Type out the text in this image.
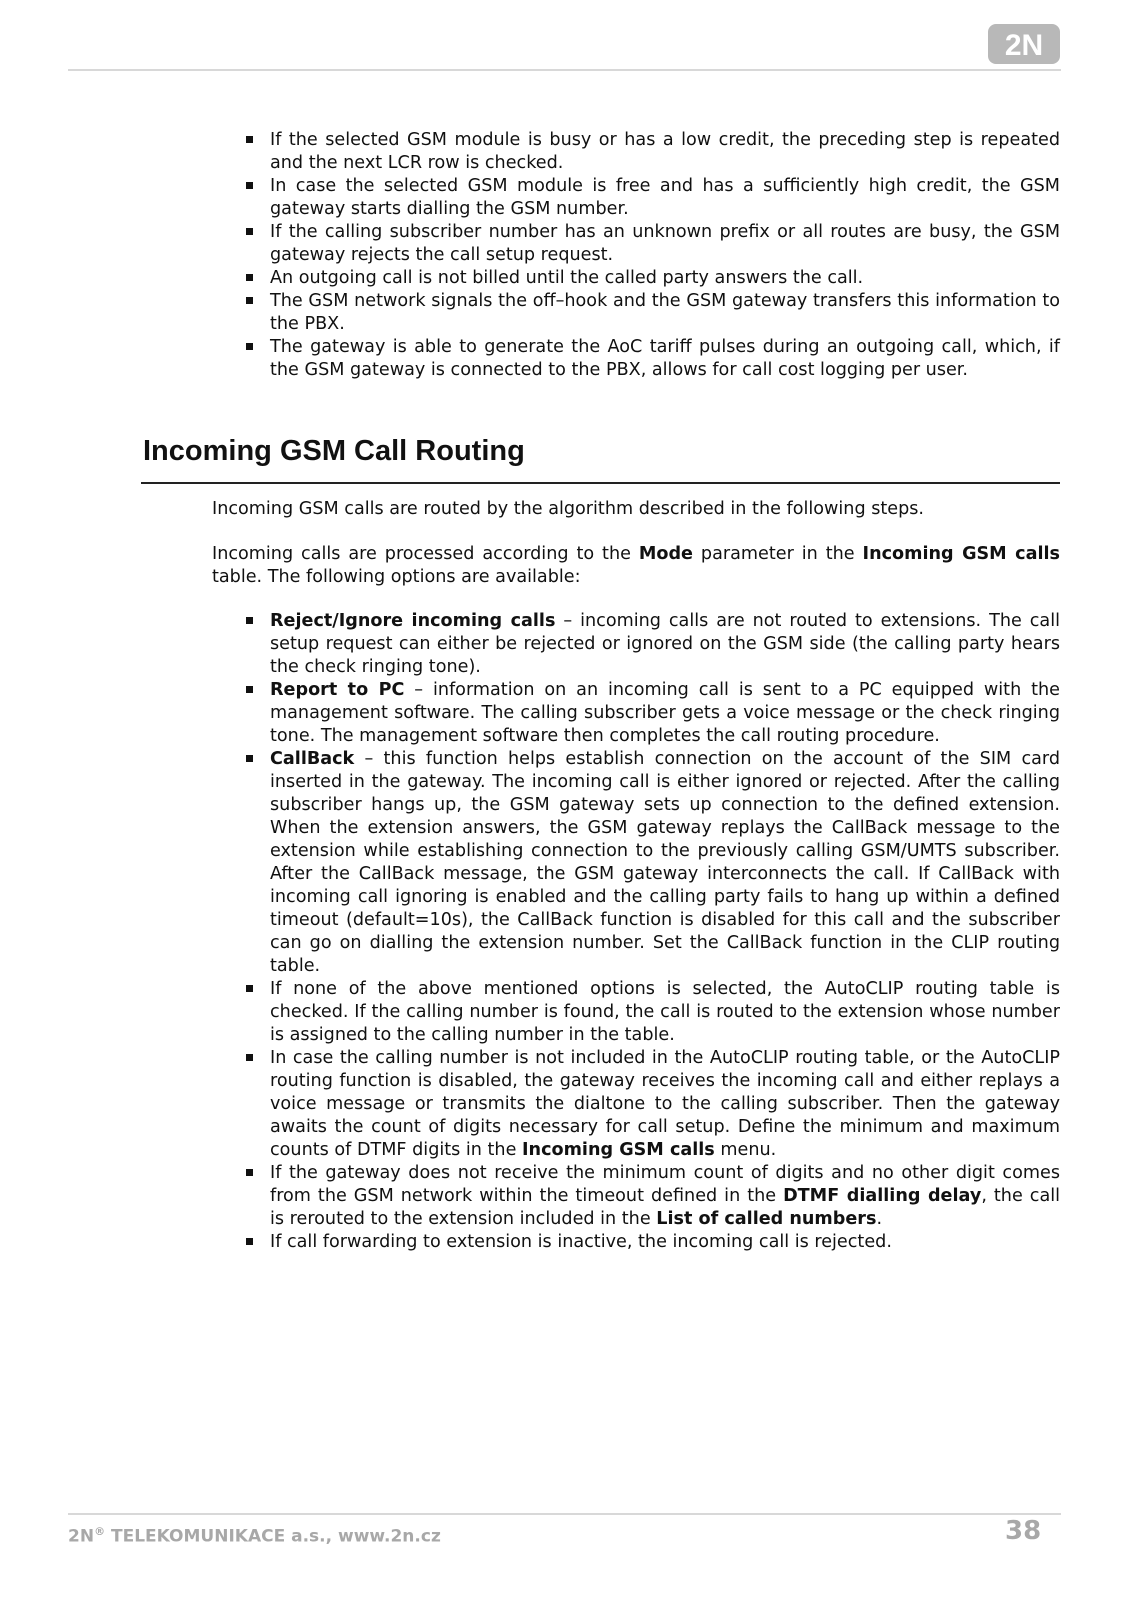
2N
If the selected GSM module is busy or has a low credit, the preceding step is repeated and the next LCR row is checked.
In case the selected GSM module is free and has a sufficiently high credit, the GSM gateway starts dialling the GSM number.
If the calling subscriber number has an unknown prefix or all routes are busy, the GSM gateway rejects the call setup request.
An outgoing call is not billed until the called party answers the call.
The GSM network signals the off–hook and the GSM gateway transfers this information to the PBX.
The gateway is able to generate the AoC tariff pulses during an outgoing call, which, if the GSM gateway is connected to the PBX, allows for call cost logging per user.
Incoming GSM Call Routing

Incoming GSM calls are routed by the algorithm described in the following steps.

Incoming calls are processed according to the Mode parameter in the Incoming GSM calls table. The following options are available:

Reject/Ignore incoming calls – incoming calls are not routed to extensions. The call setup request can either be rejected or ignored on the GSM side (the calling party hears the check ringing tone).
Report to PC – information on an incoming call is sent to a PC equipped with the management software. The calling subscriber gets a voice message or the check ringing tone. The management software then completes the call routing procedure.
CallBack – this function helps establish connection on the account of the SIM card inserted in the gateway. The incoming call is either ignored or rejected. After the calling subscriber hangs up, the GSM gateway sets up connection to the defined extension. When the extension answers, the GSM gateway replays the CallBack message to the extension while establishing connection to the previously calling GSM/UMTS subscriber. After the CallBack message, the GSM gateway interconnects the call. If CallBack with incoming call ignoring is enabled and the calling party fails to hang up within a defined timeout (default=10s), the CallBack function is disabled for this call and the subscriber can go on dialling the extension number. Set the CallBack function in the CLIP routing table.
If none of the above mentioned options is selected, the AutoCLIP routing table is checked. If the calling number is found, the call is routed to the extension whose number is assigned to the calling number in the table.
In case the calling number is not included in the AutoCLIP routing table, or the AutoCLIP routing function is disabled, the gateway receives the incoming call and either replays a voice message or transmits the dialtone to the calling subscriber. Then the gateway awaits the count of digits necessary for call setup. Define the minimum and maximum counts of DTMF digits in the Incoming GSM calls menu.
If the gateway does not receive the minimum count of digits and no other digit comes from the GSM network within the timeout defined in the DTMF dialling delay, the call is rerouted to the extension included in the List of called numbers.
If call forwarding to extension is inactive, the incoming call is rejected.
2N® TELEKOMUNIKACE a.s., www.2n.cz	38
